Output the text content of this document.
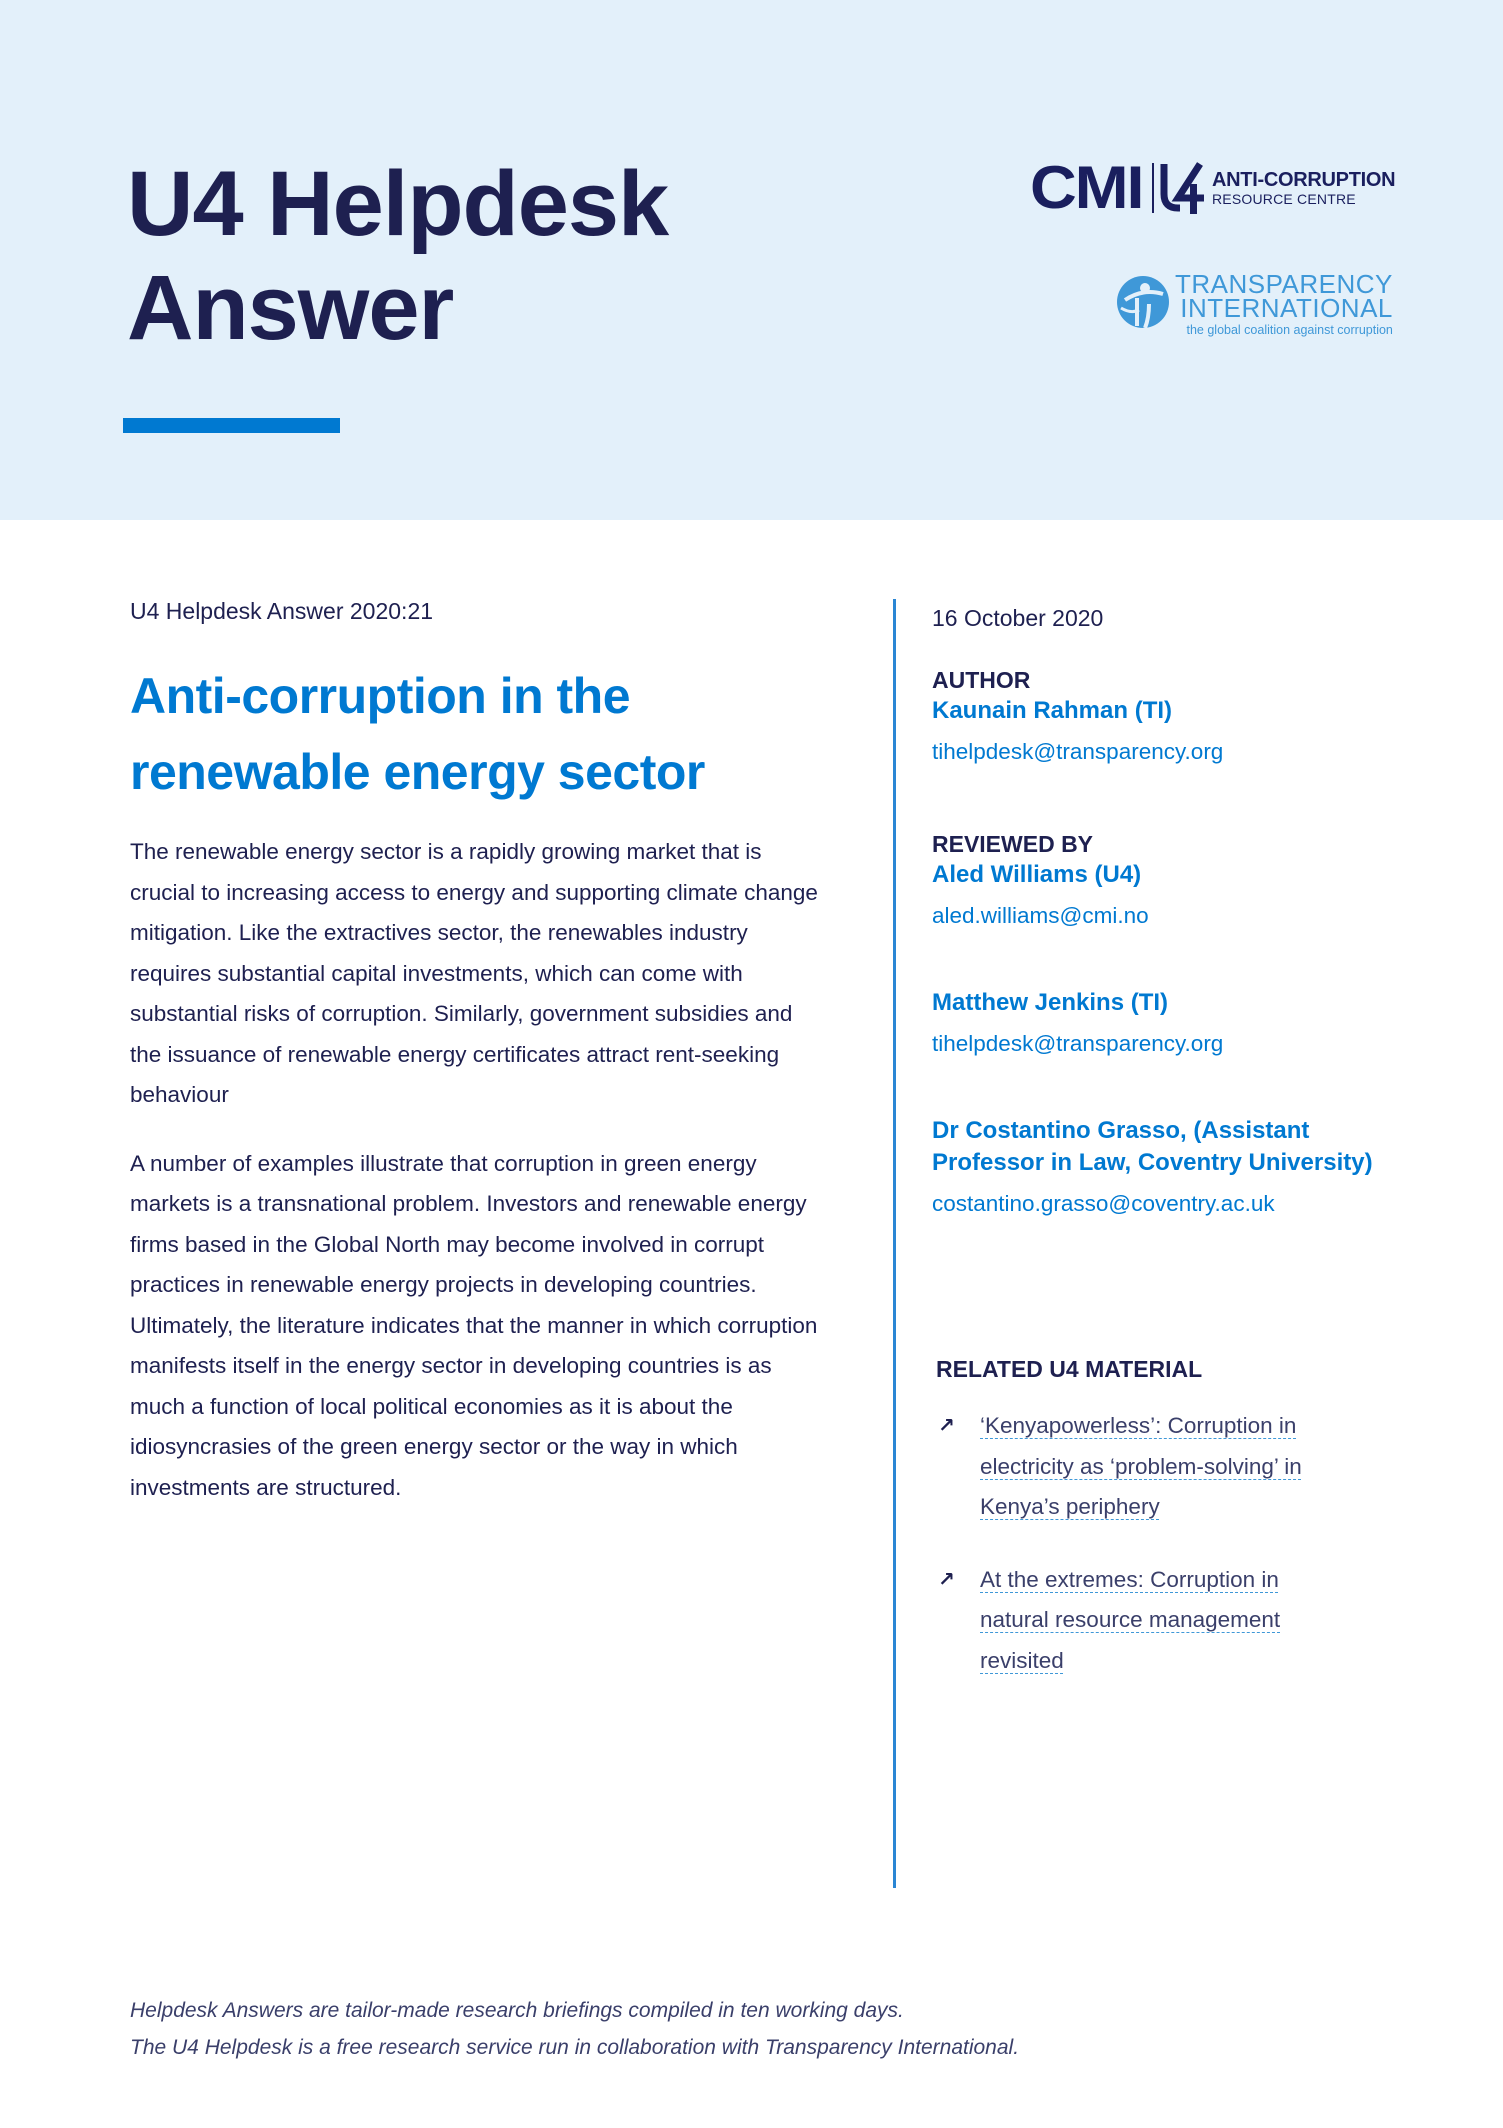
U4 Helpdesk
Answer
CMI	ANTI-CORRUPTION
RESOURCE CENTRE
TRANSPARENCY
INTERNATIONAL
the global coalition against corruption
U4 Helpdesk Answer 2020:21
Anti-corruption in the
renewable energy sector

The renewable energy sector is a rapidly growing market that is crucial to increasing access to energy and supporting climate change mitigation. Like the extractives sector, the renewables industry requires substantial capital investments, which can come with substantial risks of corruption. Similarly, government subsidies and the issuance of renewable energy certificates attract rent-seeking behaviour

A number of examples illustrate that corruption in green energy markets is a transnational problem. Investors and renewable energy firms based in the Global North may become involved in corrupt practices in renewable energy projects in developing countries. Ultimately, the literature indicates that the manner in which corruption manifests itself in the energy sector in developing countries is as much a function of local political economies as it is about the idiosyncrasies of the green energy sector or the way in which investments are structured.

16 October 2020
AUTHOR
Kaunain Rahman (TI)
tihelpdesk@transparency.org
REVIEWED BY
Aled Williams (U4)
aled.williams@cmi.no
Matthew Jenkins (TI)
tihelpdesk@transparency.org
Dr Costantino Grasso, (Assistant Professor in Law, Coventry University)
costantino.grasso@coventry.ac.uk
RELATED U4 MATERIAL
↗	‘Kenyapowerless’: Corruption in electricity as ‘problem-solving’ in Kenya’s periphery
↗	At the extremes: Corruption in natural resource management revisited
Helpdesk Answers are tailor-made research briefings compiled in ten working days.
The U4 Helpdesk is a free research service run in collaboration with Transparency International.
